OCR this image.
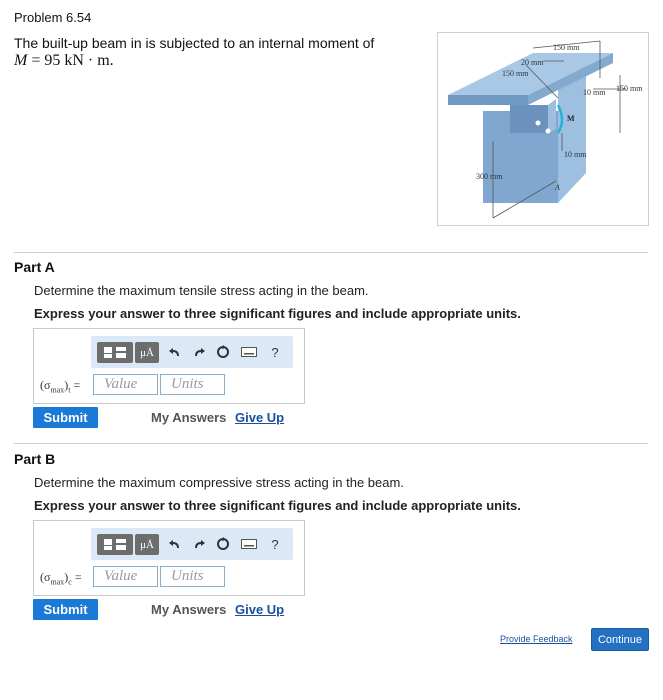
Problem 6.54
The built-up beam in is subjected to an internal moment of
M = 95 kN · m.
150 mm
20 mm
150 mm
10 mm 150 mm
M
10 mm
300 mm
A
Part A
Determine the maximum tensile stress acting in the beam.
Express your answer to three significant figures and include appropriate units.
μÅ	?
$(\sigma_{max})_t$ =	Value	Units
Submit	My Answers Give Up
Part B
Determine the maximum compressive stress acting in the beam.
Express your answer to three significant figures and include appropriate units.
μÅ	?
$(\sigma_{max})_c$ =	Value	Units
Submit	My Answers Give Up
Provide Feedback	Continue
